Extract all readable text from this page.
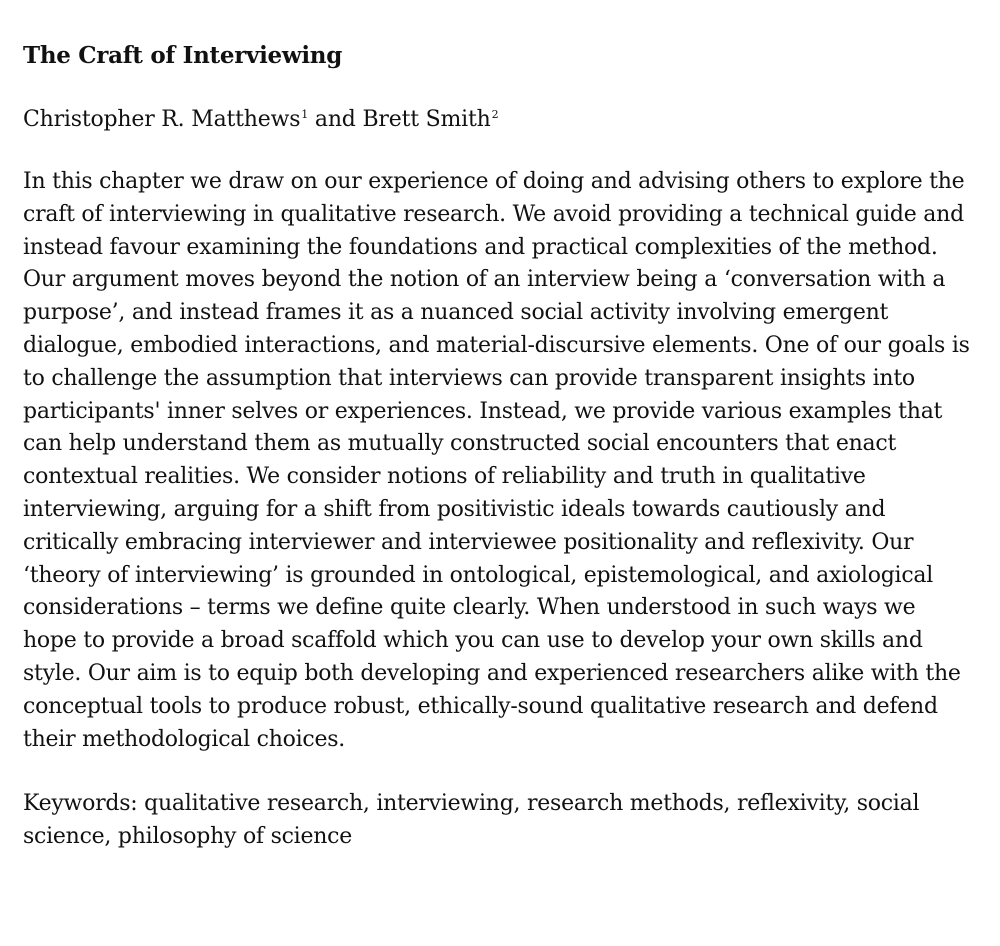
The Craft of Interviewing

Christopher R. Matthews$^1$ and Brett Smith$^2$

In this chapter we draw on our experience of doing and advising others to explore the craft of interviewing in qualitative research. We avoid providing a technical guide and instead favour examining the foundations and practical complexities of the method. Our argument moves beyond the notion of an interview being a ‘conversation with a purpose’, and instead frames it as a nuanced social activity involving emergent dialogue, embodied interactions, and material-discursive elements. One of our goals is to challenge the assumption that interviews can provide transparent insights into participants' inner selves or experiences. Instead, we provide various examples that can help understand them as mutually constructed social encounters that enact contextual realities. We consider notions of reliability and truth in qualitative interviewing, arguing for a shift from positivistic ideals towards cautiously and critically embracing interviewer and interviewee positionality and reflexivity. Our ‘theory of interviewing’ is grounded in ontological, epistemological, and axiological considerations – terms we define quite clearly. When understood in such ways we hope to provide a broad scaffold which you can use to develop your own skills and style. Our aim is to equip both developing and experienced researchers alike with the conceptual tools to produce robust, ethically-sound qualitative research and defend their methodological choices.

Keywords: qualitative research, interviewing, research methods, reflexivity, social science, philosophy of science
